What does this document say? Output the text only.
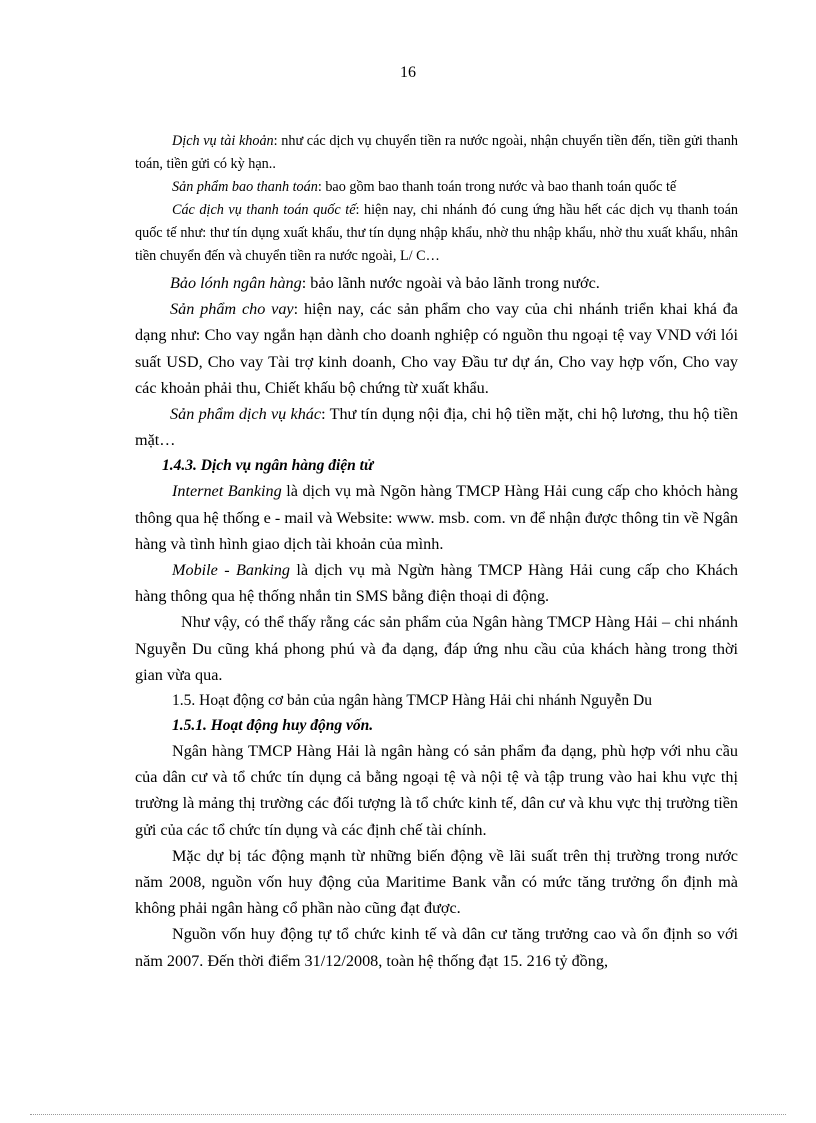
16

Dịch vụ tài khoản: như các dịch vụ chuyển tiền ra nước ngoài, nhận chuyển tiền đến, tiền gửi thanh toán, tiền gửi có kỳ hạn..

Sản phẩm bao thanh toán: bao gồm bao thanh toán trong nước và bao thanh toán quốc tế

Các dịch vụ thanh toán quốc tế: hiện nay, chi nhánh đó cung ứng hầu hết các dịch vụ thanh toán quốc tế như: thư tín dụng xuất khẩu, thư tín dụng nhập khẩu, nhờ thu nhập khẩu, nhờ thu xuất khẩu, nhân tiền chuyển đến và chuyển tiền ra nước ngoài, L/ C…

Bảo lónh ngân hàng: bảo lãnh nước ngoài và bảo lãnh trong nước.

Sản phẩm cho vay: hiện nay, các sản phẩm cho vay của chi nhánh triển khai khá đa dạng như: Cho vay ngắn hạn dành cho doanh nghiệp có nguồn thu ngoại tệ vay VND với lói suất USD, Cho vay Tài trợ kinh doanh, Cho vay Đầu tư dự án, Cho vay hợp vốn, Cho vay các khoản phải thu, Chiết khấu bộ chứng từ xuất khẩu.

Sản phẩm dịch vụ khác: Thư tín dụng nội địa, chi hộ tiền mặt, chi hộ lương, thu hộ tiền mặt…

1.4.3. Dịch vụ ngân hàng điện tử

Internet Banking là dịch vụ mà Ngõn hàng TMCP Hàng Hải cung cấp cho khỏch hàng thông qua hệ thống e - mail và Website: www. msb. com. vn để nhận được thông tin về Ngân hàng và tình hình giao dịch tài khoản của mình.

Mobile - Banking là dịch vụ mà Ngừn hàng TMCP Hàng Hải cung cấp cho Khách hàng thông qua hệ thống nhắn tin SMS bằng điện thoại di động.

Như vậy, có thể thấy rằng các sản phẩm của Ngân hàng TMCP Hàng Hải – chi nhánh Nguyễn Du cũng khá phong phú và đa dạng, đáp ứng nhu cầu của khách hàng trong thời gian vừa qua.

1.5. Hoạt động cơ bản của ngân hàng TMCP Hàng Hải chi nhánh Nguyễn Du
1.5.1. Hoạt động huy động vốn.

Ngân hàng TMCP Hàng Hải là ngân hàng có sản phẩm đa dạng, phù hợp với nhu cầu của dân cư và tổ chức tín dụng cả bằng ngoại tệ và nội tệ và tập trung vào hai khu vực thị trường là mảng thị trường các đối tượng là tổ chức kinh tế, dân cư và khu vực thị trường tiền gửi của các tổ chức tín dụng và các định chế tài chính.

Mặc dự bị tác động mạnh từ những biến động về lãi suất trên thị trường trong nước năm 2008, nguồn vốn huy động của Maritime Bank vẫn có mức tăng trưởng ổn định mà không phải ngân hàng cổ phần nào cũng đạt được.

Nguồn vốn huy động tự tổ chức kinh tế và dân cư tăng trưởng cao và ổn định so với năm 2007. Đến thời điểm 31/12/2008, toàn hệ thống đạt 15. 216 tỷ đồng,
